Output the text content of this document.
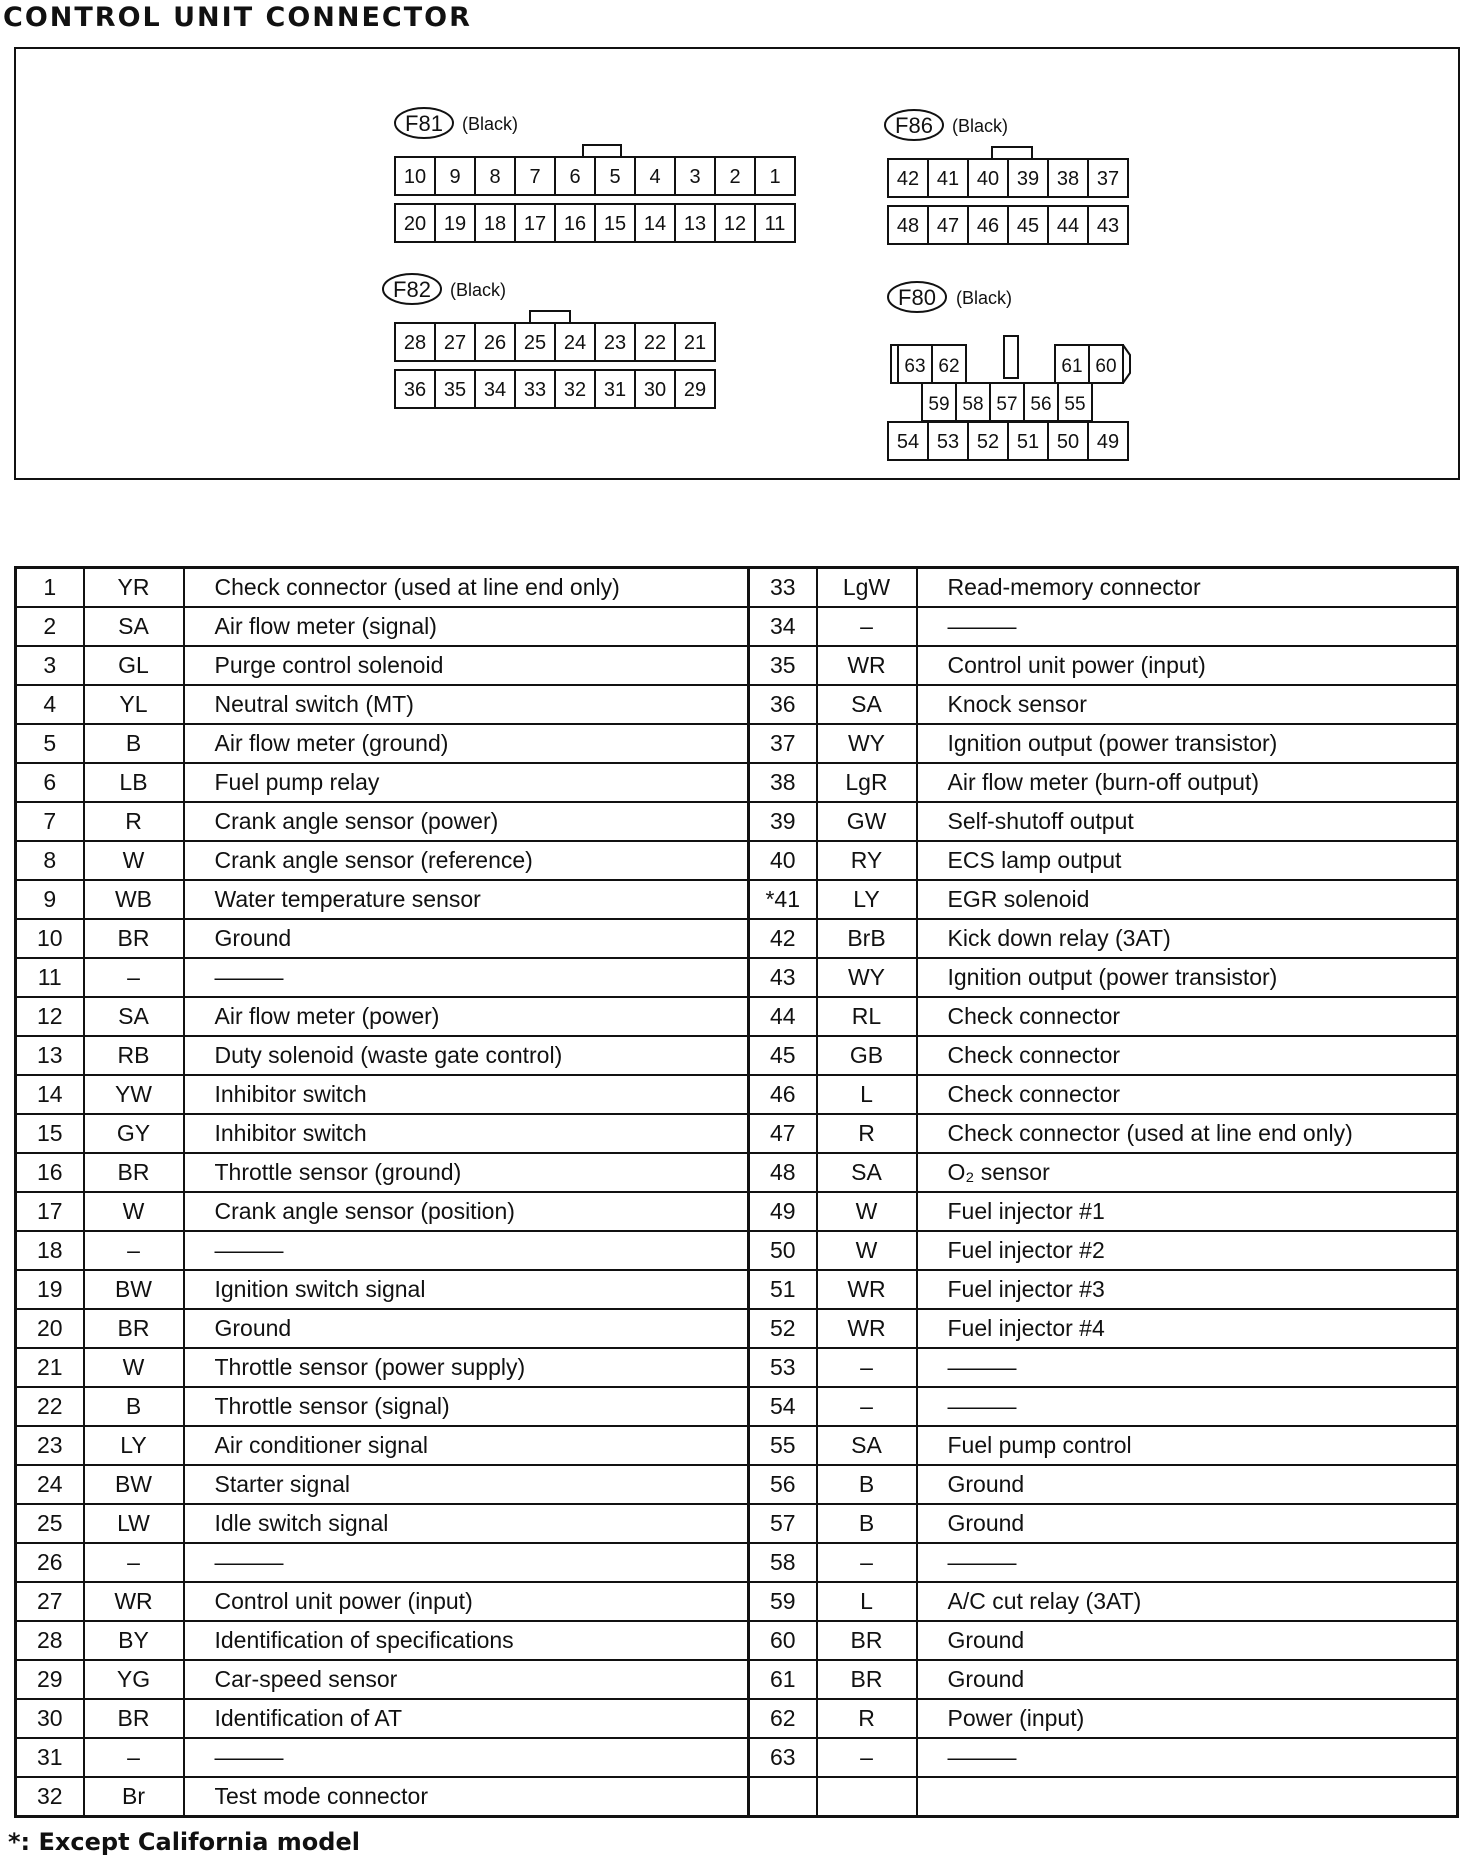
CONTROL UNIT CONNECTOR
F81 (Black)
10 9 8 7 6 5 4 3 2 1
20 19 18 17 16 15 14 13 12 11
F86 (Black)
42 41 40 39 38 37
48 47 46 45 44 43
F82 (Black)
28 27 26 25 24 23 22 21
36 35 34 33 32 31 30 29
F80 (Black)
63 62	61 60
59 58 57 56 55
54 53 52 51 50 49
1	YR	Check connector (used at line end only)	33	LgW	Read-memory connector
2	SA	Air flow meter (signal)	34	–	———
3	GL	Purge control solenoid	35	WR	Control unit power (input)
4	YL	Neutral switch (MT)	36	SA	Knock sensor
5	B	Air flow meter (ground)	37	WY	Ignition output (power transistor)
6	LB	Fuel pump relay	38	LgR	Air flow meter (burn-off output)
7	R	Crank angle sensor (power)	39	GW	Self-shutoff output
8	W	Crank angle sensor (reference)	40	RY	ECS lamp output
9	WB	Water temperature sensor	*41	LY	EGR solenoid
10	BR	Ground	42	BrB	Kick down relay (3AT)
11	–	———	43	WY	Ignition output (power transistor)
12	SA	Air flow meter (power)	44	RL	Check connector
13	RB	Duty solenoid (waste gate control)	45	GB	Check connector
14	YW	Inhibitor switch	46	L	Check connector
15	GY	Inhibitor switch	47	R	Check connector (used at line end only)
16	BR	Throttle sensor (ground)	48	SA	O₂ sensor
17	W	Crank angle sensor (position)	49	W	Fuel injector #1
18	–	———	50	W	Fuel injector #2
19	BW	Ignition switch signal	51	WR	Fuel injector #3
20	BR	Ground	52	WR	Fuel injector #4
21	W	Throttle sensor (power supply)	53	–	———
22	B	Throttle sensor (signal)	54	–	———
23	LY	Air conditioner signal	55	SA	Fuel pump control
24	BW	Starter signal	56	B	Ground
25	LW	Idle switch signal	57	B	Ground
26	–	———	58	–	———
27	WR	Control unit power (input)	59	L	A/C cut relay (3AT)
28	BY	Identification of specifications	60	BR	Ground
29	YG	Car-speed sensor	61	BR	Ground
30	BR	Identification of AT	62	R	Power (input)
31	–	———	63	–	———
32	Br	Test mode connector			
*: Except California model
